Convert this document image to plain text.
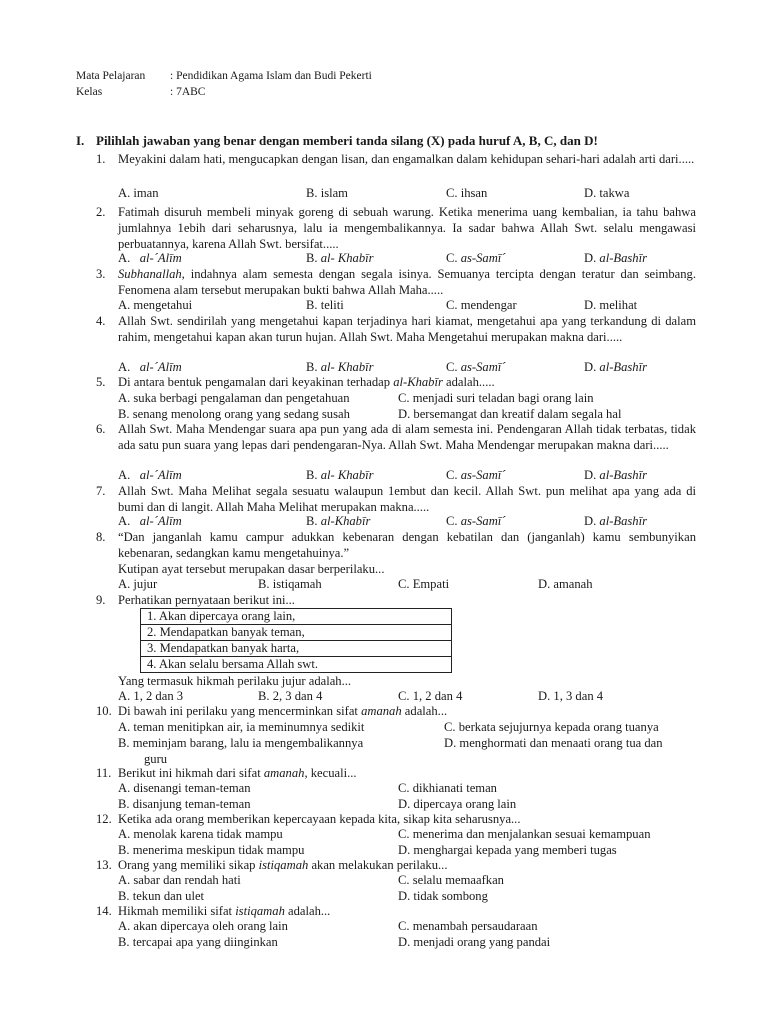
Mata Pelajaran : Pendidikan Agama Islam dan Budi Pekerti
Kelas	: 7ABC
I. Pilihlah jawaban yang benar dengan memberi tanda silang (X) pada huruf A, B, C, dan D!
1. Meyakini dalam hati, mengucapkan dengan lisan, dan engamalkan dalam kehidupan sehari-hari adalah arti dari.....
A. iman	B. islam	C. ihsan	D. takwa
2. Fatimah disuruh membeli minyak goreng di sebuah warung. Ketika menerima uang kembalian, ia tahu bahwa jumlahnya 1ebih dari seharusnya, lalu ia mengembalikannya. Ia sadar bahwa Allah Swt. selalu mengawasi perbuatannya, karena Allah Swt. bersifat.....
A.   al-´Alīm	B. al- Khabīr	C. as-Samī´	D. al-Bashīr
3. Subhanallah, indahnya alam semesta dengan segala isinya. Semuanya tercipta dengan teratur dan seimbang. Fenomena alam tersebut merupakan bukti bahwa Allah Maha.....
A. mengetahui	B. teliti	C. mendengar	D. melihat
4. Allah Swt. sendirilah yang mengetahui kapan terjadinya hari kiamat, mengetahui apa yang terkandung di dalam rahim, mengetahui kapan akan turun hujan. Allah Swt. Maha Mengetahui merupakan makna dari.....
A.   al-´Alīm	B. al- Khabīr	C. as-Samī´	D. al-Bashīr
5. Di antara bentuk pengamalan dari keyakinan terhadap al-Khabīr adalah.....
A. suka berbagi pengalaman dan pengetahuan	C. menjadi suri teladan bagi orang lain
B. senang menolong orang yang sedang susah	D. bersemangat dan kreatif dalam segala hal
6. Allah Swt. Maha Mendengar suara apa pun yang ada di alam semesta ini. Pendengaran Allah tidak terbatas, tidak ada satu pun suara yang lepas dari pendengaran-Nya. Allah Swt. Maha Mendengar merupakan makna dari.....
A.   al-´Alīm	B. al- Khabīr	C. as-Samī´	D. al-Bashīr
7. Allah Swt. Maha Melihat segala sesuatu walaupun 1embut dan kecil. Allah Swt. pun melihat apa yang ada di bumi dan di langit. Allah Maha Melihat merupakan makna.....
A.   al-´Alīm	B. al-Khabīr	C. as-Samī´	D. al-Bashīr
8. “Dan janganlah kamu campur adukkan kebenaran dengan kebatilan dan (janganlah) kamu sembunyikan kebenaran, sedangkan kamu mengetahuinya.”
Kutipan ayat tersebut merupakan dasar berperilaku...
A. jujur	B. istiqamah	C. Empati	D. amanah
9. Perhatikan pernyataan berikut ini...
1. Akan dipercaya orang lain,
2. Mendapatkan banyak teman,
3. Mendapatkan banyak harta,
4. Akan selalu bersama Allah swt.
Yang termasuk hikmah perilaku jujur adalah...
A. 1, 2 dan 3	B. 2, 3 dan 4	C. 1, 2 dan 4	D. 1, 3 dan 4
10. Di bawah ini perilaku yang mencerminkan sifat amanah adalah...
A. teman menitipkan air, ia meminumnya sedikit	C. berkata sejujurnya kepada orang tuanya
B. meminjam barang, lalu ia mengembalikannya	D. menghormati dan menaati orang tua dan
guru
11. Berikut ini hikmah dari sifat amanah, kecuali...
A. disenangi teman-teman	C. dikhianati teman
B. disanjung teman-teman	D. dipercaya orang lain
12. Ketika ada orang memberikan kepercayaan kepada kita, sikap kita seharusnya...
A. menolak karena tidak mampu	C. menerima dan menjalankan sesuai kemampuan
B. menerima meskipun tidak mampu	D. menghargai kepada yang memberi tugas
13. Orang yang memiliki sikap istiqamah akan melakukan perilaku...
A. sabar dan rendah hati	C. selalu memaafkan
B. tekun dan ulet	D. tidak sombong
14. Hikmah memiliki sifat istiqamah adalah...
A. akan dipercaya oleh orang lain	C. menambah persaudaraan
B. tercapai apa yang diinginkan	D. menjadi orang yang pandai
